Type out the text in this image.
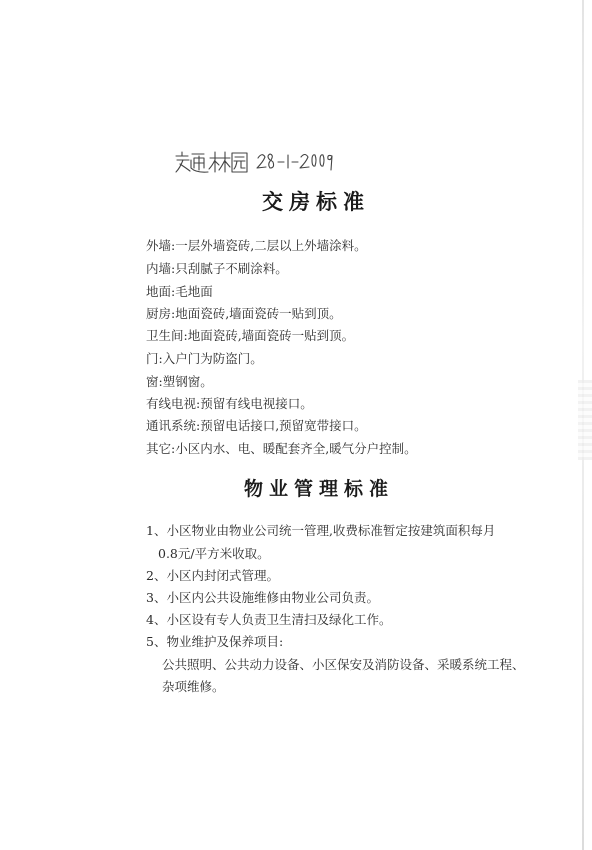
交房标准
外墙:一层外墙瓷砖,二层以上外墙涂料。
内墙:只刮腻子不刷涂料。
地面:毛地面
厨房:地面瓷砖,墙面瓷砖一贴到顶。
卫生间:地面瓷砖,墙面瓷砖一贴到顶。
门:入户门为防盗门。
窗:塑钢窗。
有线电视:预留有线电视接口。
通讯系统:预留电话接口,预留宽带接口。
其它:小区内水、电、暖配套齐全,暖气分户控制。
物业管理标准
1、小区物业由物业公司统一管理,收费标准暂定按建筑面积每月
0.8元/平方米收取。
2、小区内封闭式管理。
3、小区内公共设施维修由物业公司负责。
4、小区设有专人负责卫生清扫及绿化工作。
5、物业维护及保养项目:
公共照明、公共动力设备、小区保安及消防设备、采暖系统工程、
杂项维修。
